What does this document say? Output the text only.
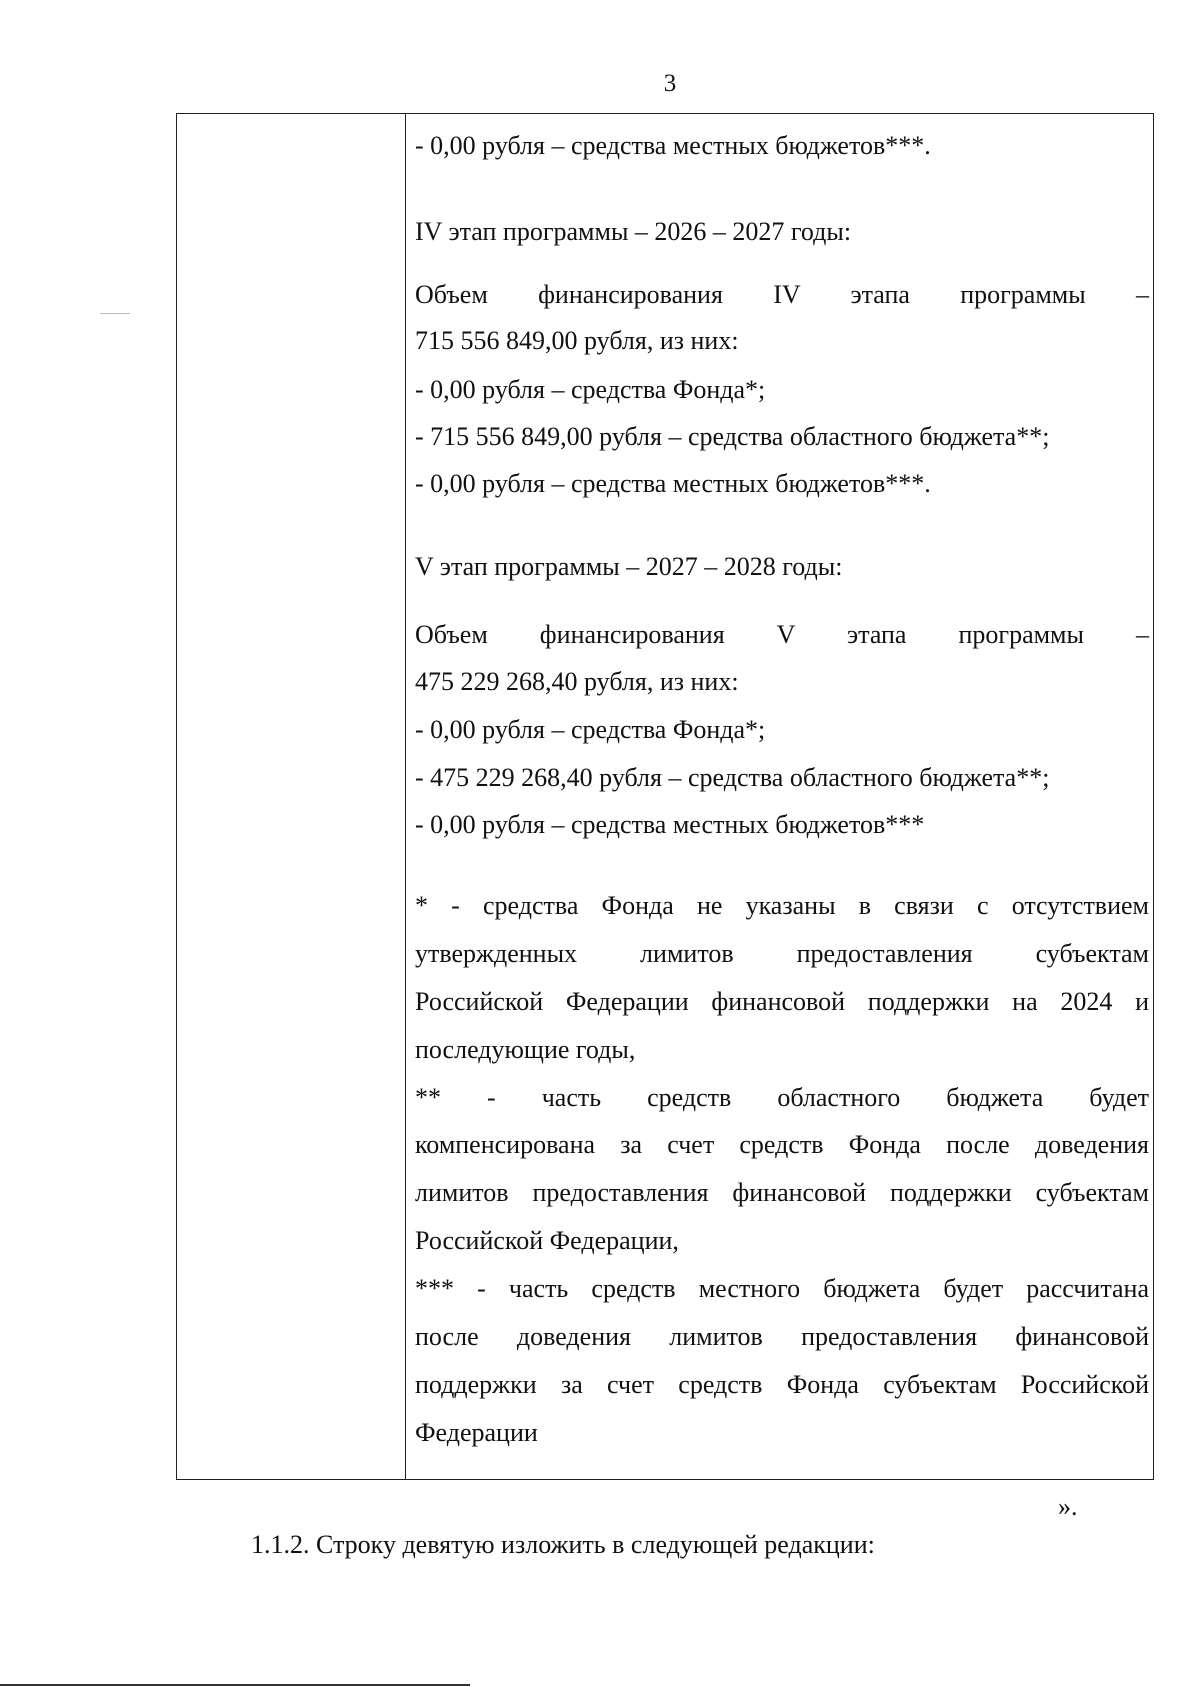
3
- 0,00 рубля – средства местных бюджетов***.
IV этап программы – 2026 – 2027 годы:
Объем финансирования IV этапа программы –
715 556 849,00 рубля, из них:
- 0,00 рубля – средства Фонда*;
- 715 556 849,00 рубля – средства областного бюджета**;
- 0,00 рубля – средства местных бюджетов***.
V этап программы – 2027 – 2028 годы:
Объем финансирования V этапа программы –
475 229 268,40 рубля, из них:
- 0,00 рубля – средства Фонда*;
- 475 229 268,40 рубля – средства областного бюджета**;
- 0,00 рубля – средства местных бюджетов***
* - средства Фонда не указаны в связи с отсутствием
утвержденных лимитов предоставления субъектам
Российской Федерации финансовой поддержки на 2024 и
последующие годы,
** - часть средств областного бюджета будет
компенсирована за счет средств Фонда после доведения
лимитов предоставления финансовой поддержки субъектам
Российской Федерации,
*** - часть средств местного бюджета будет рассчитана
после доведения лимитов предоставления финансовой
поддержки за счет средств Фонда субъектам Российской
Федерации
».
1.1.2. Строку девятую изложить в следующей редакции:
